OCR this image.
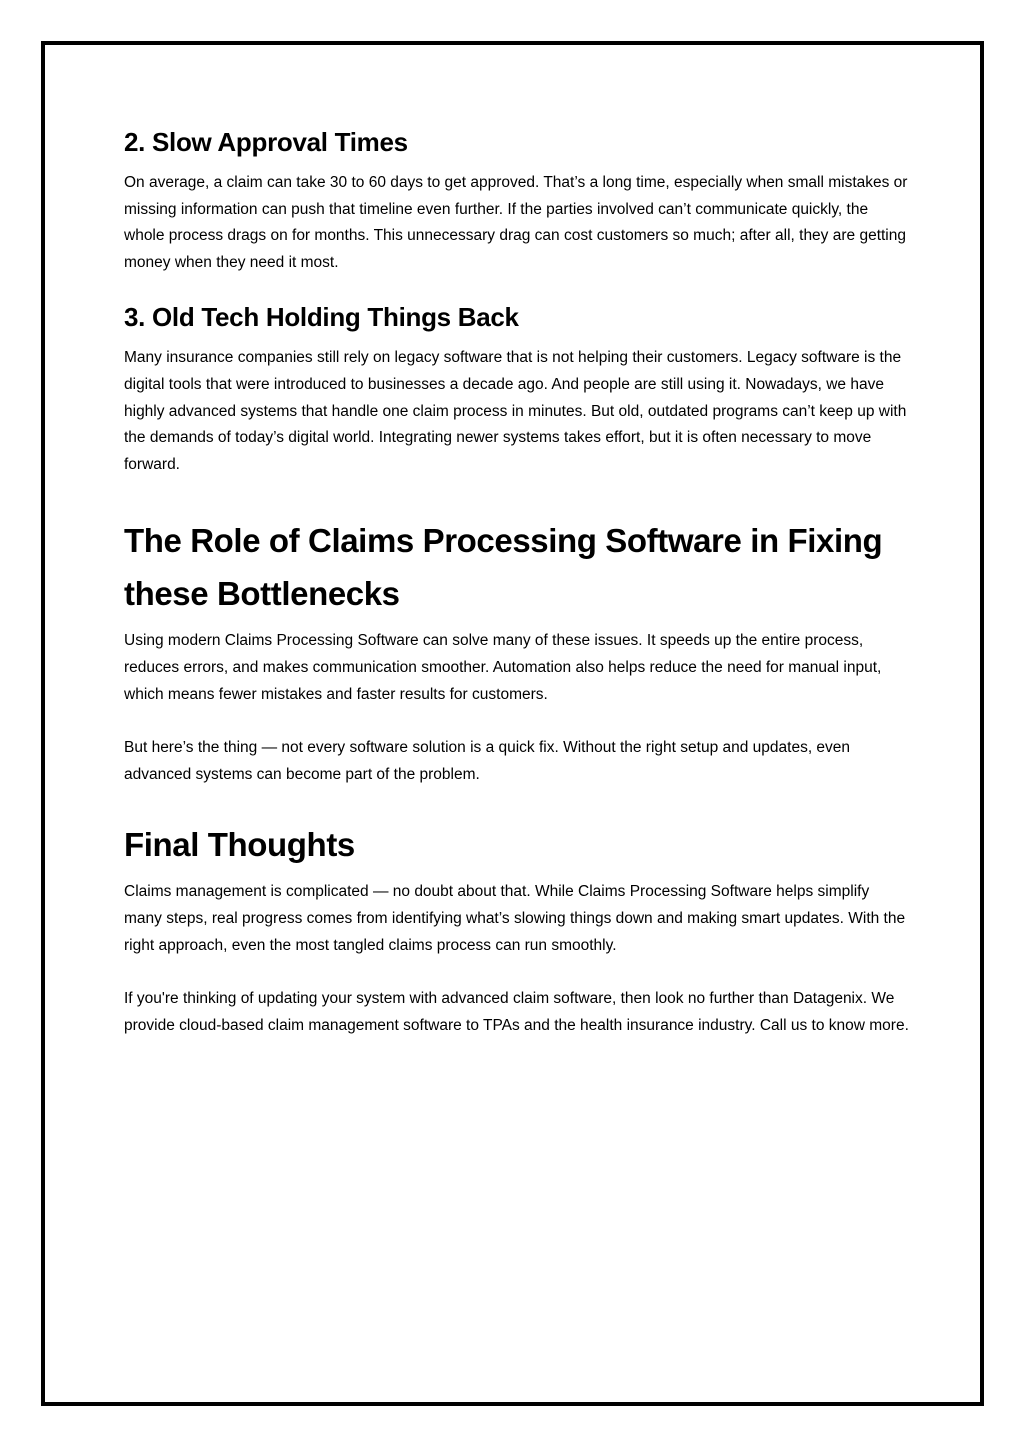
2. Slow Approval Times

On average, a claim can take 30 to 60 days to get approved. That’s a long time, especially when small mistakes or missing information can push that timeline even further. If the parties involved can’t communicate quickly, the whole process drags on for months. This unnecessary drag can cost customers so much; after all, they are getting money when they need it most.

3. Old Tech Holding Things Back

Many insurance companies still rely on legacy software that is not helping their customers. Legacy software is the digital tools that were introduced to businesses a decade ago. And people are still using it. Nowadays, we have highly advanced systems that handle one claim process in minutes. But old, outdated programs can’t keep up with the demands of today’s digital world. Integrating newer systems takes effort, but it is often necessary to move forward.

The Role of Claims Processing Software in Fixing these Bottlenecks

Using modern Claims Processing Software can solve many of these issues. It speeds up the entire process, reduces errors, and makes communication smoother. Automation also helps reduce the need for manual input, which means fewer mistakes and faster results for customers.

But here’s the thing — not every software solution is a quick fix. Without the right setup and updates, even advanced systems can become part of the problem.

Final Thoughts

Claims management is complicated — no doubt about that. While Claims Processing Software helps simplify many steps, real progress comes from identifying what’s slowing things down and making smart updates. With the right approach, even the most tangled claims process can run smoothly.

If you're thinking of updating your system with advanced claim software, then look no further than Datagenix. We provide cloud-based claim management software to TPAs and the health insurance industry. Call us to know more.
